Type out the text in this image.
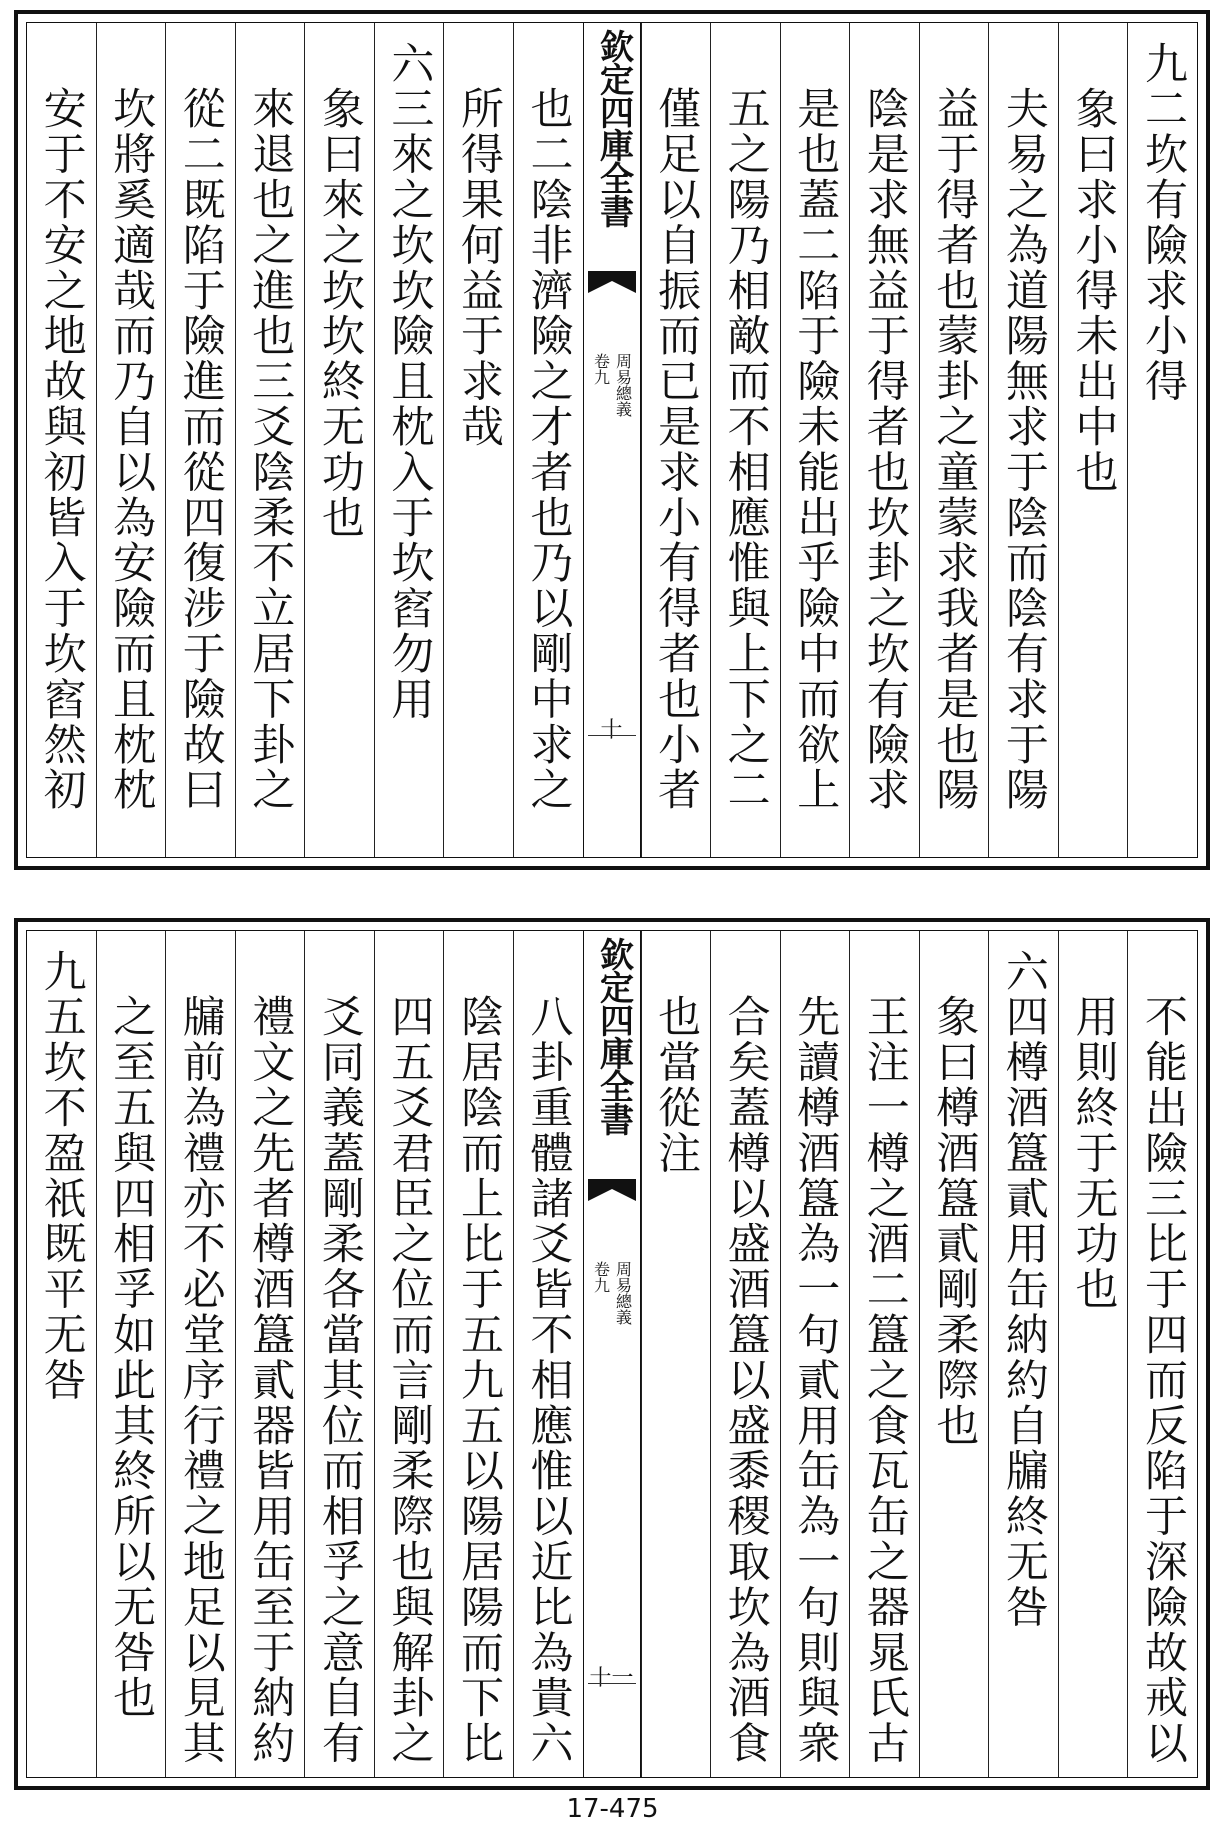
　安于不安之地故與初皆入于坎窞然初
　坎將奚適哉而乃自以為安險而且枕枕
　從二既陷于險進而從四復涉于險故曰
　來退也之進也三爻陰柔不立居下卦之
　象曰來之坎坎終无功也 六三來之坎坎險且枕入于坎窞勿用 　所得果何益于求哉 　也二陰非濟險之才者也乃以剛中求之
欽定四庫全書
周易總義
卷九
十
　僅足以自振而已是求小有得者也小者
　五之陽乃相敵而不相應惟與上下之二
　是也蓋二陷于險未能出乎險中而欲上
　陰是求無益于得者也坎卦之坎有險求
　益于得者也蒙卦之童蒙求我者是也陽
　夫易之為道陽無求于陰而陰有求于陽
　象曰求小得未出中也 九二坎有險求小得
九五坎不盈祇既平无咎 　之至五與四相孚如此其終所以无咎也 　牖前為禮亦不必堂序行禮之地足以見其
　禮文之先者樽酒簋貳器皆用缶至于納約
　爻同義蓋剛柔各當其位而相孚之意自有
　四五爻君臣之位而言剛柔際也與解卦之
　陰居陰而上比于五九五以陽居陽而下比
　八卦重體諸爻皆不相應惟以近比為貴六
欽定四庫全書
周易總義
卷九
十一
　也當從注 　合矣蓋樽以盛酒簋以盛黍稷取坎為酒食
　先讀樽酒簋為一句貳用缶為一句則與衆
　王注一樽之酒二簋之食瓦缶之器晁氏古
　象曰樽酒簋貳剛柔際也 六四樽酒簋貳用缶納約自牖終无咎 　用則終于无功也 　不能出險三比于四而反陷于深險故戒以
17-475
